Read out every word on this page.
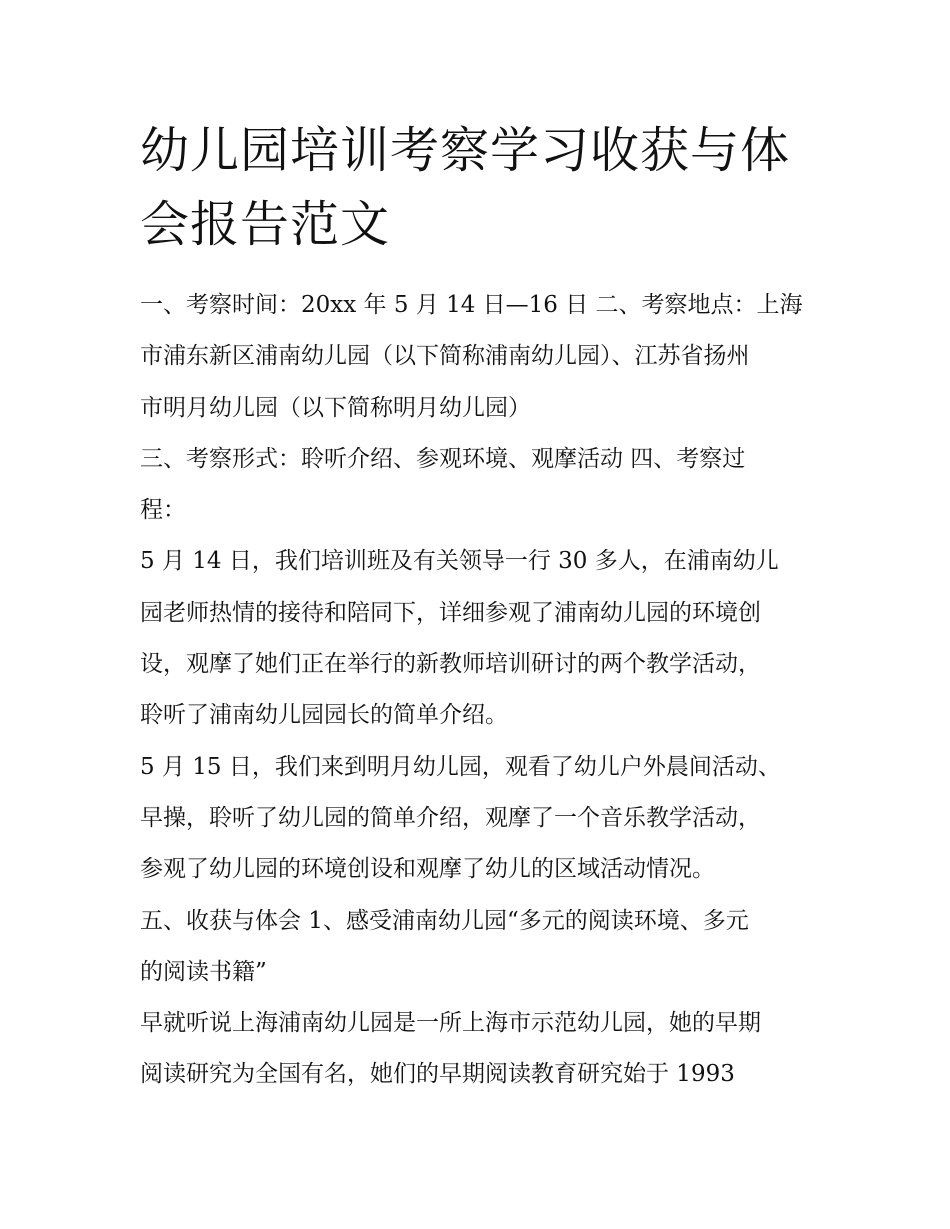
幼儿园培训考察学习收获与体
会报告范文
一、考察时间：20xx 年 5 月 14 日—16 日 二、考察地点：上海
市浦东新区浦南幼儿园（以下简称浦南幼儿园）、江苏省扬州
市明月幼儿园（以下简称明月幼儿园）
三、考察形式：聆听介绍、参观环境、观摩活动 四、考察过
程：
5 月 14 日，我们培训班及有关领导一行 30 多人，在浦南幼儿
园老师热情的接待和陪同下，详细参观了浦南幼儿园的环境创
设，观摩了她们正在举行的新教师培训研讨的两个教学活动，
聆听了浦南幼儿园园长的简单介绍。
5 月 15 日，我们来到明月幼儿园，观看了幼儿户外晨间活动、
早操，聆听了幼儿园的简单介绍，观摩了一个音乐教学活动，
参观了幼儿园的环境创设和观摩了幼儿的区域活动情况。
五、收获与体会 1、感受浦南幼儿园“多元的阅读环境、多元
的阅读书籍”
早就听说上海浦南幼儿园是一所上海市示范幼儿园，她的早期
阅读研究为全国有名，她们的早期阅读教育研究始于 1993
